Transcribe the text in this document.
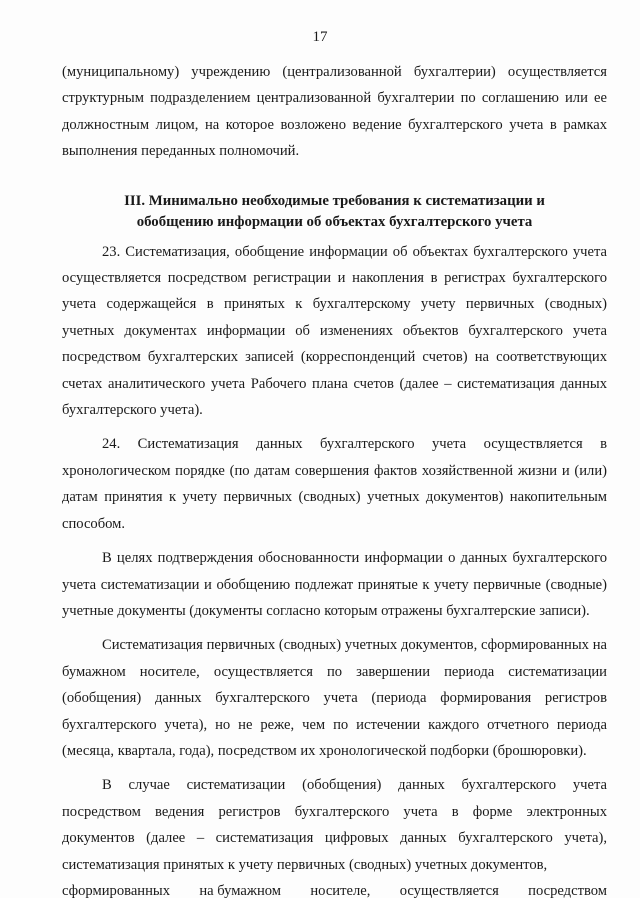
17

(муниципальному) учреждению (централизованной бухгалтерии) осуществляется структурным подразделением централизованной бухгалтерии по соглашению или ее должностным лицом, на которое возложено ведение бухгалтерского учета в рамках выполнения переданных полномочий.

III. Минимально необходимые требования к систематизации и
обобщению информации об объектах бухгалтерского учета

23. Систематизация, обобщение информации об объектах бухгалтерского учета осуществляется посредством регистрации и накопления в регистрах бухгалтерского учета содержащейся в принятых к бухгалтерскому учету первичных (сводных) учетных документах информации об изменениях объектов бухгалтерского учета посредством бухгалтерских записей (корреспонденций счетов) на соответствующих счетах аналитического учета Рабочего плана счетов (далее – систематизация данных бухгалтерского учета).

24. Систематизация данных бухгалтерского учета осуществляется в хронологическом порядке (по датам совершения фактов хозяйственной жизни и (или) датам принятия к учету первичных (сводных) учетных документов) накопительным способом.

В целях подтверждения обоснованности информации о данных бухгалтерского учета систематизации и обобщению подлежат принятые к учету первичные (сводные) учетные документы (документы согласно которым отражены бухгалтерские записи).

Систематизация первичных (сводных) учетных документов, сформированных на бумажном носителе, осуществляется по завершении периода систематизации (обобщения) данных бухгалтерского учета (периода формирования регистров бухгалтерского учета), но не реже, чем по истечении каждого отчетного периода (месяца, квартала, года), посредством их хронологической подборки (брошюровки).

В случае систематизации (обобщения) данных бухгалтерского учета посредством ведения регистров бухгалтерского учета в форме электронных документов (далее – систематизация цифровых данных бухгалтерского учета), систематизация принятых к учету первичных (сводных) учетных документов,

сформированных на бумажном носителе, осуществляется посредством
